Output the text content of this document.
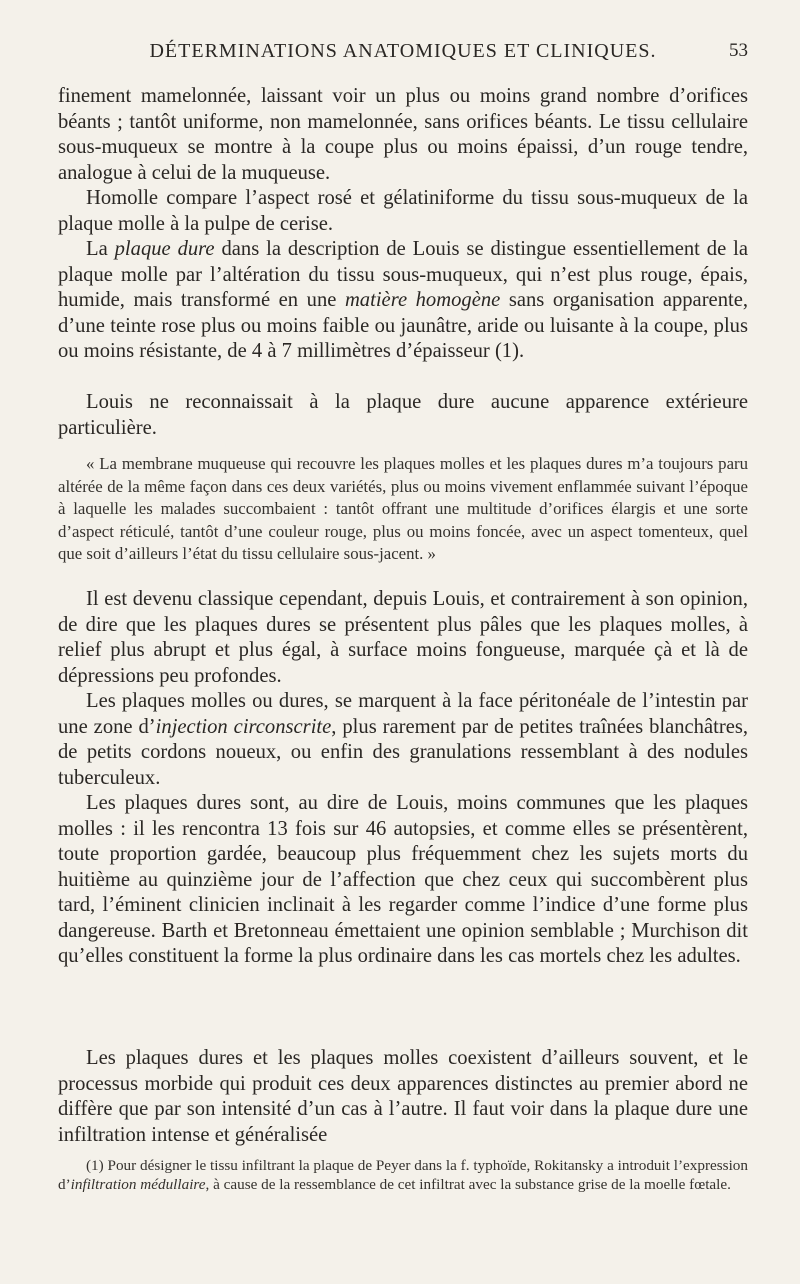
DÉTERMINATIONS ANATOMIQUES ET CLINIQUES.	53

finement mamelonnée, laissant voir un plus ou moins grand nombre d’orifices béants ; tantôt uniforme, non mamelonnée, sans orifices béants. Le tissu cellulaire sous-muqueux se montre à la coupe plus ou moins épaissi, d’un rouge tendre, analogue à celui de la muqueuse.

Homolle compare l’aspect rosé et gélatiniforme du tissu sous-muqueux de la plaque molle à la pulpe de cerise.

La plaque dure dans la description de Louis se distingue essentiellement de la plaque molle par l’altération du tissu sous-muqueux, qui n’est plus rouge, épais, humide, mais transformé en une matière homogène sans organisation apparente, d’une teinte rose plus ou moins faible ou jaunâtre, aride ou luisante à la coupe, plus ou moins résistante, de 4 à 7 millimètres d’épaisseur (1).

Louis ne reconnaissait à la plaque dure aucune apparence extérieure particulière.

« La membrane muqueuse qui recouvre les plaques molles et les plaques dures m’a toujours paru altérée de la même façon dans ces deux variétés, plus ou moins vivement enflammée suivant l’époque à laquelle les malades succombaient : tantôt offrant une multitude d’orifices élargis et une sorte d’aspect réticulé, tantôt d’une couleur rouge, plus ou moins foncée, avec un aspect tomenteux, quel que soit d’ailleurs l’état du tissu cellulaire sous-jacent. »

Il est devenu classique cependant, depuis Louis, et contrairement à son opinion, de dire que les plaques dures se présentent plus pâles que les plaques molles, à relief plus abrupt et plus égal, à surface moins fongueuse, marquée çà et là de dépressions peu profondes.

Les plaques molles ou dures, se marquent à la face péritonéale de l’intestin par une zone d’injection circonscrite, plus rarement par de petites traînées blanchâtres, de petits cordons noueux, ou enfin des granulations ressemblant à des nodules tuberculeux.

Les plaques dures sont, au dire de Louis, moins communes que les plaques molles : il les rencontra 13 fois sur 46 autopsies, et comme elles se présentèrent, toute proportion gardée, beaucoup plus fréquemment chez les sujets morts du huitième au quinzième jour de l’affection que chez ceux qui succombèrent plus tard, l’éminent clinicien inclinait à les regarder comme l’indice d’une forme plus dangereuse. Barth et Bretonneau émettaient une opinion semblable ; Murchison dit qu’elles constituent la forme la plus ordinaire dans les cas mortels chez les adultes.

Les plaques dures et les plaques molles coexistent d’ailleurs souvent, et le processus morbide qui produit ces deux apparences distinctes au premier abord ne diffère que par son intensité d’un cas à l’autre. Il faut voir dans la plaque dure une infiltration intense et généralisée

(1) Pour désigner le tissu infiltrant la plaque de Peyer dans la f. typhoïde, Rokitansky a introduit l’expression d’infiltration médullaire, à cause de la ressemblance de cet infiltrat avec la substance grise de la moelle fœtale.
